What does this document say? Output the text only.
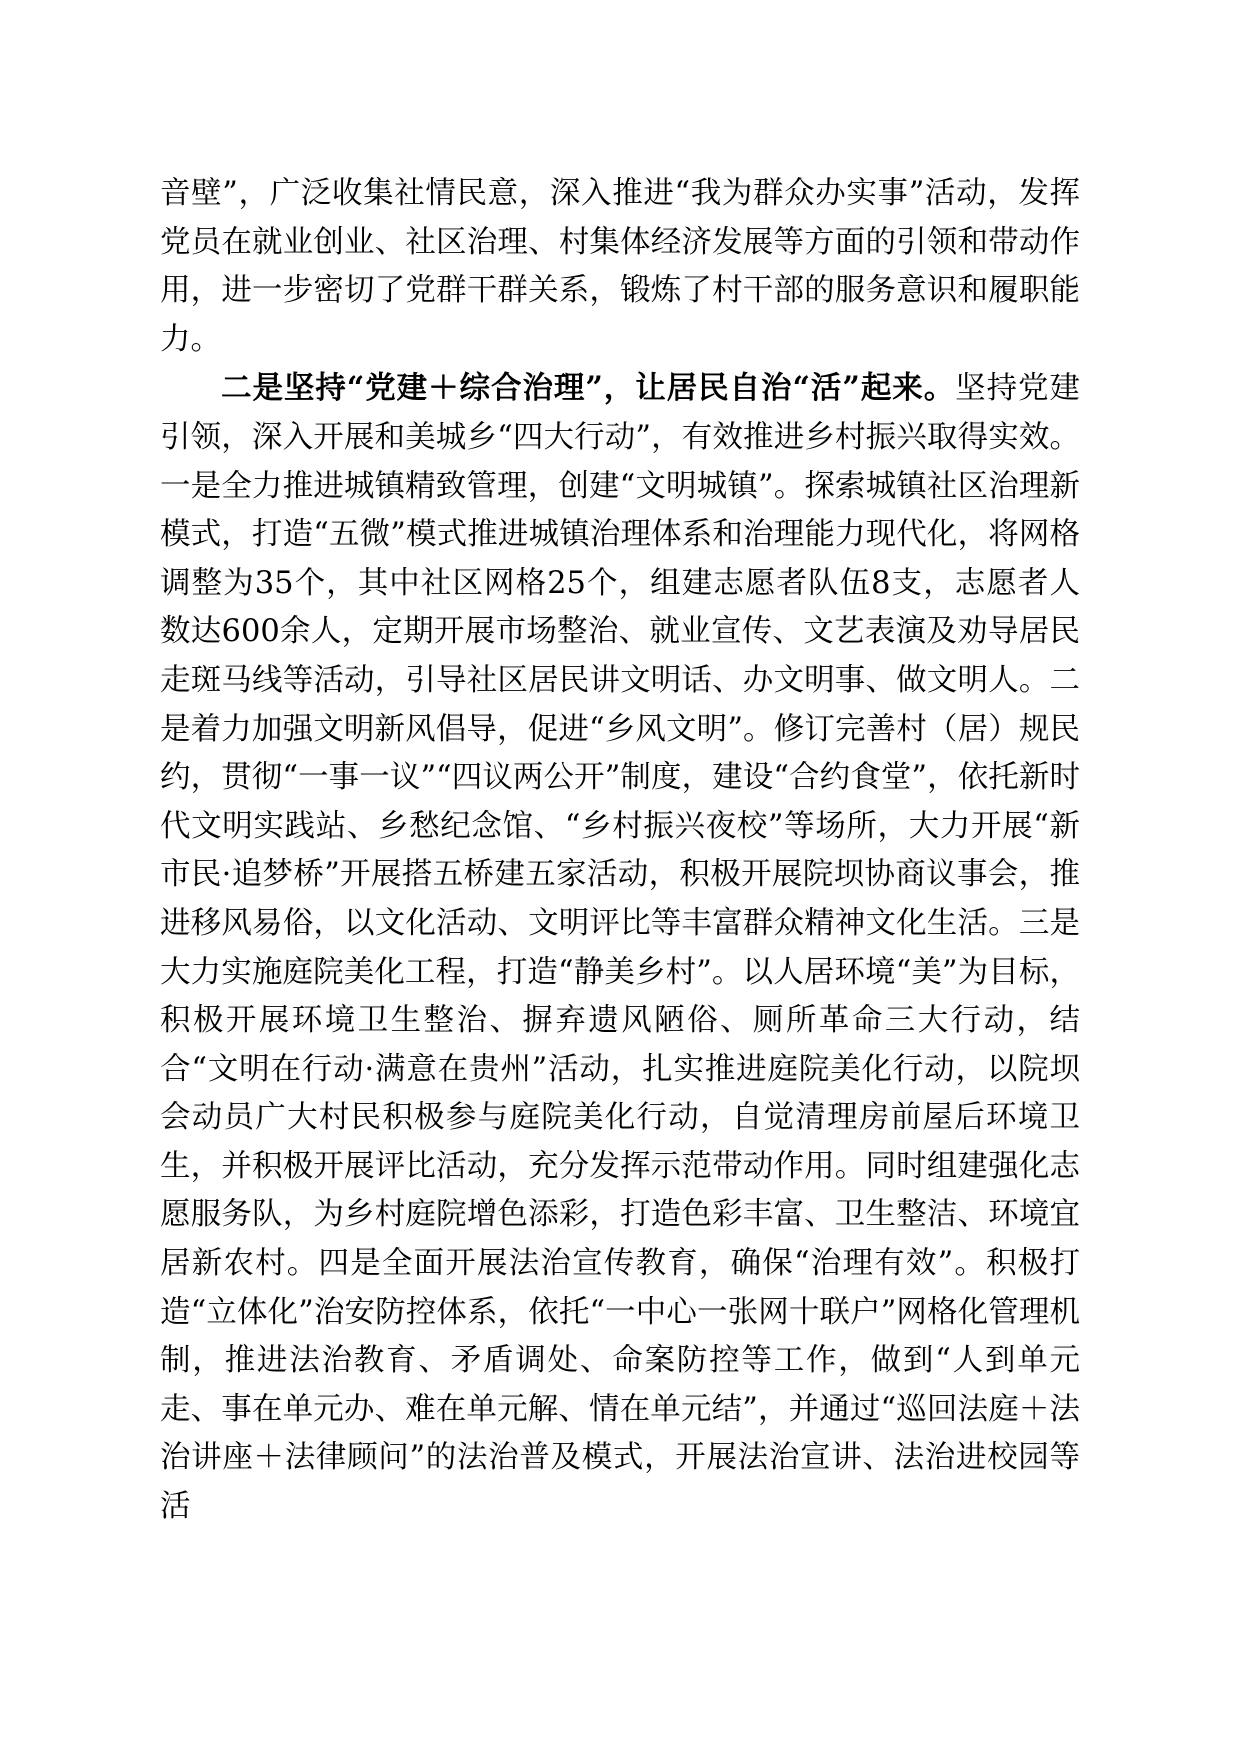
音壁”，广泛收集社情民意，深入推进“我为群众办实事”活动，发挥党员在就业创业、社区治理、村集体经济发展等方面的引领和带动作用，进一步密切了党群干群关系，锻炼了村干部的服务意识和履职能力。

二是坚持“党建＋综合治理”，让居民自治“活”起来。坚持党建引领，深入开展和美城乡“四大行动”，有效推进乡村振兴取得实效。一是全力推进城镇精致管理，创建“文明城镇”。探索城镇社区治理新模式，打造“五微”模式推进城镇治理体系和治理能力现代化，将网格调整为35个，其中社区网格25个，组建志愿者队伍8支，志愿者人数达600余人，定期开展市场整治、就业宣传、文艺表演及劝导居民走斑马线等活动，引导社区居民讲文明话、办文明事、做文明人。二是着力加强文明新风倡导，促进“乡风文明”。修订完善村（居）规民约，贯彻“一事一议”“四议两公开”制度，建设“合约食堂”，依托新时代文明实践站、乡愁纪念馆、“乡村振兴夜校”等场所，大力开展“新市民·追梦桥”开展搭五桥建五家活动，积极开展院坝协商议事会，推进移风易俗，以文化活动、文明评比等丰富群众精神文化生活。三是大力实施庭院美化工程，打造“静美乡村”。以人居环境“美”为目标，积极开展环境卫生整治、摒弃遗风陋俗、厕所革命三大行动，结合“文明在行动·满意在贵州”活动，扎实推进庭院美化行动，以院坝会动员广大村民积极参与庭院美化行动，自觉清理房前屋后环境卫生，并积极开展评比活动，充分发挥示范带动作用。同时组建强化志愿服务队，为乡村庭院增色添彩，打造色彩丰富、卫生整洁、环境宜居新农村。四是全面开展法治宣传教育，确保“治理有效”。积极打造“立体化”治安防控体系，依托“一中心一张网十联户”网格化管理机制，推进法治教育、矛盾调处、命案防控等工作，做到“人到单元走、事在单元办、难在单元解、情在单元结”，并通过“巡回法庭＋法治讲座＋法律顾问”的法治普及模式，开展法治宣讲、法治进校园等活
